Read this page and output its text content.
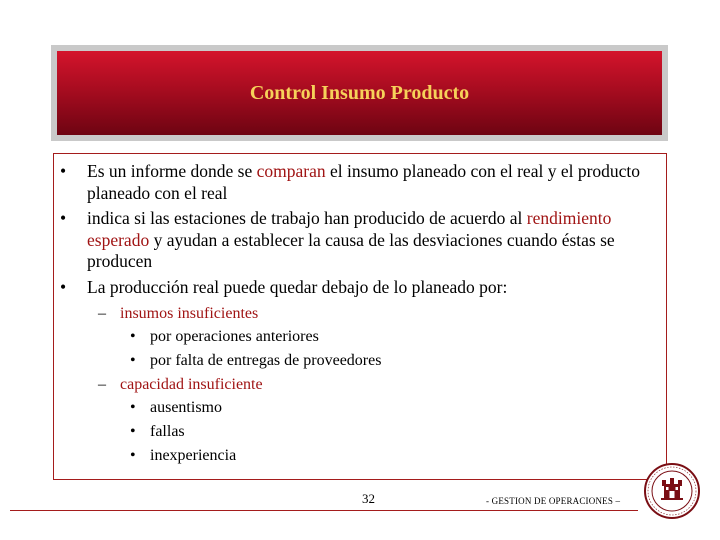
Control Insumo Producto
• Es un informe donde se comparan el insumo planeado con el real y el producto planeado con el real
• indica si las estaciones de trabajo han producido de acuerdo al rendimiento esperado y ayudan a establecer la causa de las desviaciones cuando éstas se producen
• La producción real puede quedar debajo de lo planeado por:
– insumos insuficientes
• por operaciones anteriores
• por falta de entregas de proveedores
– capacidad insuficiente
• ausentismo
• fallas
• inexperiencia
32	- GESTION DE OPERACIONES –
